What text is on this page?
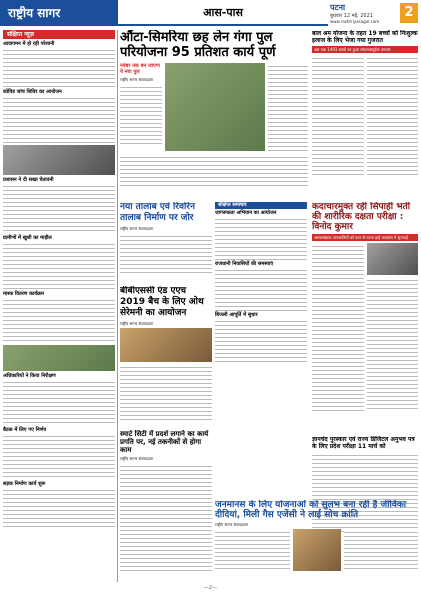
राष्ट्रीय सागर	आस-पास	पटना
बुधवार 12 मई, 2021
www.rashtriyasagar.com
2
संक्षिप्त न्यूज़
आवागमन में हो रही परेशानी
कोविड जांच शिविर का आयोजन
प्रशासन ने दी सख्त चेतावनी
ग्रामीणों में खुशी का माहौल
मास्क वितरण कार्यक्रम
अधिकारियों ने किया निरीक्षण
बैठक में लिए गए निर्णय
सड़क निर्माण कार्य शुरू
औंटा-सिमरिया छह लेन गंगा पुल परियोजना 95 प्रतिशत कार्य पूर्ण
नवंबर तक बन जाएगा ये नया पुल
राष्ट्रीय सागर संवाददाता
नया तालाब एवं रिवरिन तालाब निर्माण पर जोर
राष्ट्रीय सागर संवाददाता
संक्षिप्त समाचार
जागरूकता अभियान का आयोजन
राजधानी निवासियों की समस्याएं
बिजली आपूर्ति में सुधार
बीबीएससी एंड एएच 2019 बैच के लिए ओथ सेरेमनी का आयोजन
राष्ट्रीय सागर संवाददाता
स्मार्ट सिटी में प्रदर्श लगाने का कार्य प्रगति पर, नई तकनीकों से होगा काम
राष्ट्रीय सागर संवाददाता
बाल श्रम योजना के तहत 19 बच्चों को निःशुल्क इलाज के लिए भेजा गया गुजरात
अब तक 1491 बच्चों का हुआ सफलतापूर्वक उपचार
कदाचारमुक्त रही सिपाही भर्ती की शारीरिक दक्षता परीक्षा : विनोद कुमार
अल्पसंख्यक जनजातियों को कल से पटना हाई अदालत में सुनवाई
ज्ञानचंद पुरस्कार एवं राज्य डिजिटल अनुभव पत्र के लिए प्रदेश परीक्षा 11 मार्च को
जनमानस के लिए योजनाओं को सुलभ बना रही है जीविका दीदियां, मिली गैस एजेंसी ने लाई सोच क्रांति
राष्ट्रीय सागर संवाददाता
—2—
